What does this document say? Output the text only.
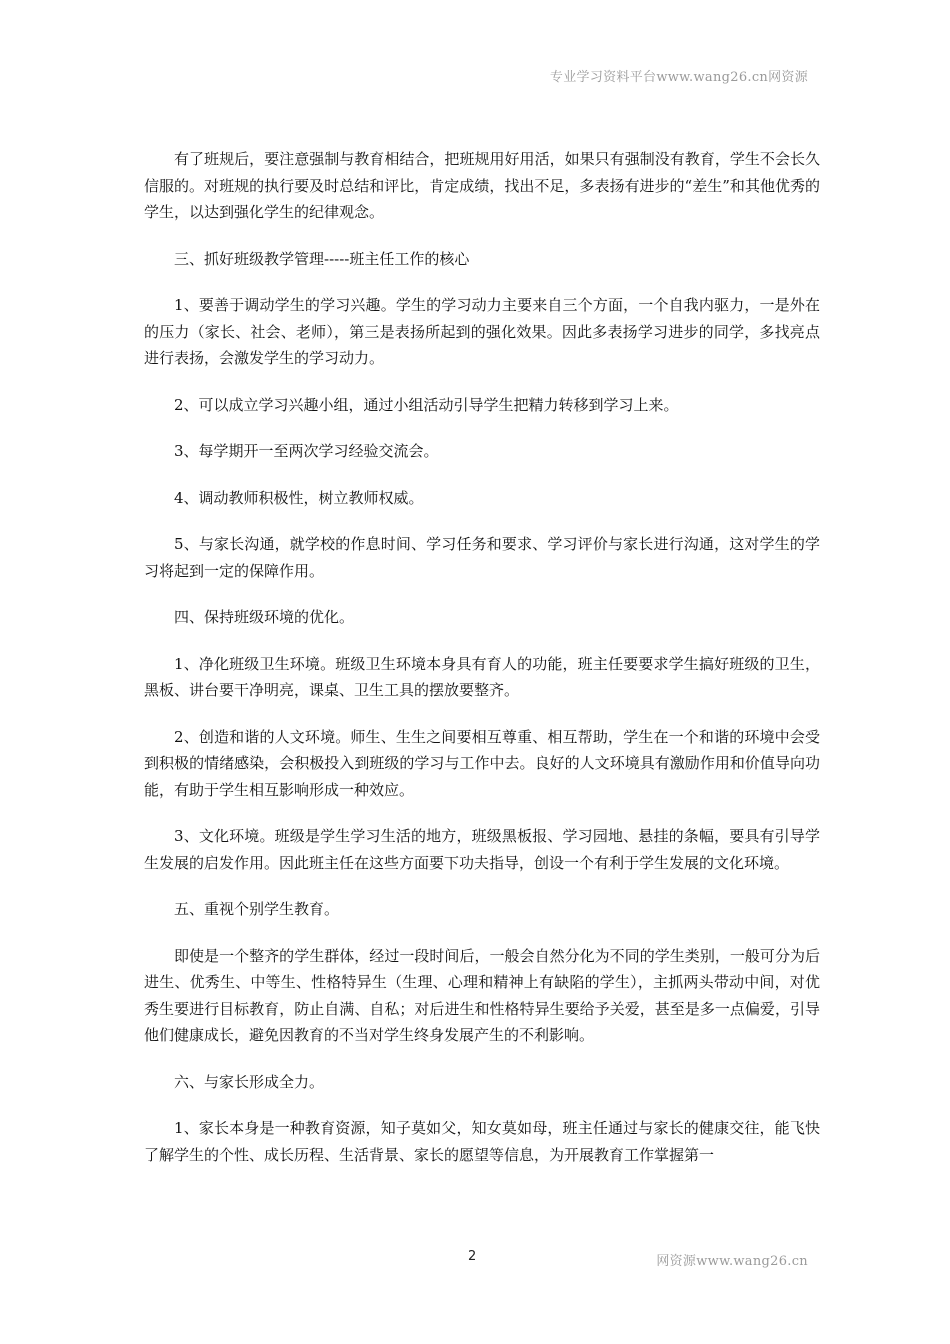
专业学习资料平台www.wang26.cn网资源

有了班规后，要注意强制与教育相结合，把班规用好用活，如果只有强制没有教育，学生不会长久信服的。对班规的执行要及时总结和评比，肯定成绩，找出不足，多表扬有进步的“差生”和其他优秀的学生，以达到强化学生的纪律观念。

三、抓好班级教学管理-----班主任工作的核心

1、要善于调动学生的学习兴趣。学生的学习动力主要来自三个方面，一个自我内驱力，一是外在的压力（家长、社会、老师），第三是表扬所起到的强化效果。因此多表扬学习进步的同学，多找亮点进行表扬，会激发学生的学习动力。

2、可以成立学习兴趣小组，通过小组活动引导学生把精力转移到学习上来。

3、每学期开一至两次学习经验交流会。

4、调动教师积极性，树立教师权威。

5、与家长沟通，就学校的作息时间、学习任务和要求、学习评价与家长进行沟通，这对学生的学习将起到一定的保障作用。

四、保持班级环境的优化。

1、净化班级卫生环境。班级卫生环境本身具有育人的功能，班主任要要求学生搞好班级的卫生，黑板、讲台要干净明亮，课桌、卫生工具的摆放要整齐。

2、创造和谐的人文环境。师生、生生之间要相互尊重、相互帮助，学生在一个和谐的环境中会受到积极的情绪感染，会积极投入到班级的学习与工作中去。良好的人文环境具有激励作用和价值导向功能，有助于学生相互影响形成一种效应。

3、文化环境。班级是学生学习生活的地方，班级黑板报、学习园地、悬挂的条幅，要具有引导学生发展的启发作用。因此班主任在这些方面要下功夫指导，创设一个有利于学生发展的文化环境。

五、重视个别学生教育。

即使是一个整齐的学生群体，经过一段时间后，一般会自然分化为不同的学生类别，一般可分为后进生、优秀生、中等生、性格特异生（生理、心理和精神上有缺陷的学生），主抓两头带动中间，对优秀生要进行目标教育，防止自满、自私；对后进生和性格特异生要给予关爱，甚至是多一点偏爱，引导他们健康成长，避免因教育的不当对学生终身发展产生的不利影响。

六、与家长形成全力。

1、家长本身是一种教育资源，知子莫如父，知女莫如母，班主任通过与家长的健康交往，能飞快了解学生的个性、成长历程、生活背景、家长的愿望等信息，为开展教育工作掌握第一

2	网资源www.wang26.cn
